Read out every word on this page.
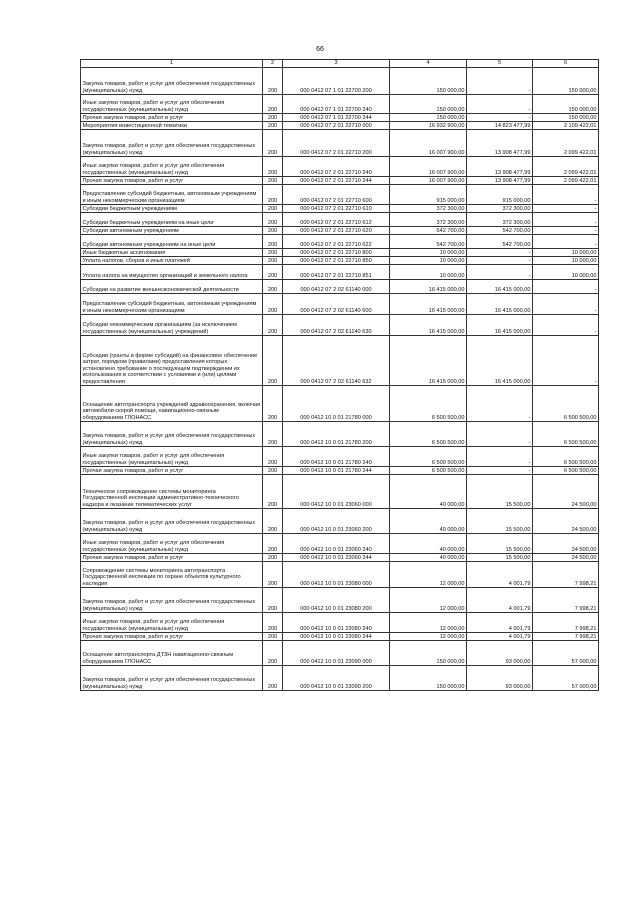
66
1	2	3	4	5	6
Закупка товаров, работ и услуг для обеспечения государственных (муниципальных) нужд	200	000 0412 07 1 01 22700 200	150 000,00	-	150 000,00
Иные закупки товаров, работ и услуг для обеспечения государственных (муниципальных) нужд	200	000 0412 07 1 01 22700 240	150 000,00	-	150 000,00
Прочая закупка товаров, работ и услуг	200	000 0412 07 1 01 22700 244	150 000,00	-	150 000,00
Мероприятия инвестиционной тематики	200	000 0412 07 2 01 22710 000	16 932 900,00	14 823 477,99	2 109 422,01
Закупка товаров, работ и услуг для обеспечения государственных (муниципальных) нужд	200	000 0412 07 2 01 22710 200	16 007 900,00	13 908 477,99	2 099 422,01
Иные закупки товаров, работ и услуг для обеспечения государственных (муниципальных) нужд	200	000 0412 07 2 01 22710 240	16 007 900,00	13 908 477,99	2 099 422,01
Прочая закупка товаров, работ и услуг	200	000 0412 07 2 01 22710 244	16 007 900,00	13 908 477,99	2 099 422,01
Предоставление субсидий бюджетным, автономным учреждениям и иным некоммерческим организациям	200	000 0412 07 2 01 22710 600	915 000,00	915 000,00	-
Субсидии бюджетным учреждениям	200	000 0412 07 2 01 22710 610	372 300,00	372 300,00	-
Субсидии бюджетным учреждениям на иные цели	200	000 0412 07 2 01 22710 612	372 300,00	372 300,00	-
Субсидии автономным учреждениям	200	000 0412 07 2 01 22710 620	542 700,00	542 700,00	-
Субсидии автономным учреждениям на иные цели	200	000 0412 07 2 01 22710 622	542 700,00	542 700,00	-
Иные бюджетные ассигнования	200	000 0412 07 2 01 22710 800	10 000,00	-	10 000,00
Уплата налогов, сборов и иных платежей	200	000 0412 07 2 01 22710 850	10 000,00	-	10 000,00
Уплата налога на имущество организаций и земельного налога	200	000 0412 07 2 01 22710 851	10 000,00	-	10 000,00
Субсидии на развитие внешнеэкономической деятельности	200	000 0412 07 2 02 61140 000	16 415 000,00	16 415 000,00	-
Предоставление субсидий бюджетным, автономным учреждениям и иным некоммерческим организациям	200	000 0412 07 2 02 61140 600	16 415 000,00	16 415 000,00	-
Субсидии некоммерческим организациям (за исключением государственных (муниципальных) учреждений)	200	000 0412 07 2 02 61140 630	16 415 000,00	16 415 000,00	-
Субсидии (гранты в форме субсидий) на финансовое обеспечение затрат, порядком (правилами) предоставления которых установлено требование о последующем подтверждении их использования в соответствии с условиями и (или) целями предоставления	200	000 0412 07 2 02 61140 632	16 415 000,00	16 415 000,00	-
Оснащение автотранспорта учреждений здравоохранения, включая автомобили скорой помощи, навигационно-связным оборудованием ГЛОНАСС	200	000 0412 10 0 01 21780 000	6 500 500,00	-	6 500 500,00
Закупка товаров, работ и услуг для обеспечения государственных (муниципальных) нужд	200	000 0412 10 0 01 21780 200	6 500 500,00	-	6 500 500,00
Иные закупки товаров, работ и услуг для обеспечения государственных (муниципальных) нужд	200	000 0412 10 0 01 21780 240	6 500 500,00	-	6 500 500,00
Прочая закупка товаров, работ и услуг	200	000 0412 10 0 01 21780 244	6 500 500,00	-	6 500 500,00
Техническое сопровождение системы мониторинга Государственной инспекции административно-технического надзора и оказание телематических услуг	200	000 0412 10 0 01 23060 000	40 000,00	15 500,00	24 500,00
Закупка товаров, работ и услуг для обеспечения государственных (муниципальных) нужд	200	000 0412 10 0 01 23060 200	40 000,00	15 500,00	24 500,00
Иные закупки товаров, работ и услуг для обеспечения государственных (муниципальных) нужд	200	000 0412 10 0 01 23060 240	40 000,00	15 500,00	24 500,00
Прочая закупка товаров, работ и услуг	200	000 0412 10 0 01 23060 244	40 000,00	15 500,00	24 500,00
Сопровождение системы мониторинга автотранспорта Государственной инспекции по охране объектов культурного наследия	200	000 0412 10 0 01 23080 000	12 000,00	4 001,79	7 998,21
Закупка товаров, работ и услуг для обеспечения государственных (муниципальных) нужд	200	000 0412 10 0 01 23080 200	12 000,00	4 001,79	7 998,21
Иные закупки товаров, работ и услуг для обеспечения государственных (муниципальных) нужд	200	000 0412 10 0 01 23080 240	12 000,00	4 001,79	7 998,21
Прочая закупка товаров, работ и услуг	200	000 0412 10 0 01 23080 244	12 000,00	4 001,79	7 998,21
Оснащение автотранспорта ДТЗН навигационно-связным оборудованием ГЛОНАСС	200	000 0412 10 0 01 23090 000	150 000,00	93 000,00	57 000,00
Закупка товаров, работ и услуг для обеспечения государственных (муниципальных) нужд	200	000 0412 10 0 01 23090 200	150 000,00	93 000,00	57 000,00
